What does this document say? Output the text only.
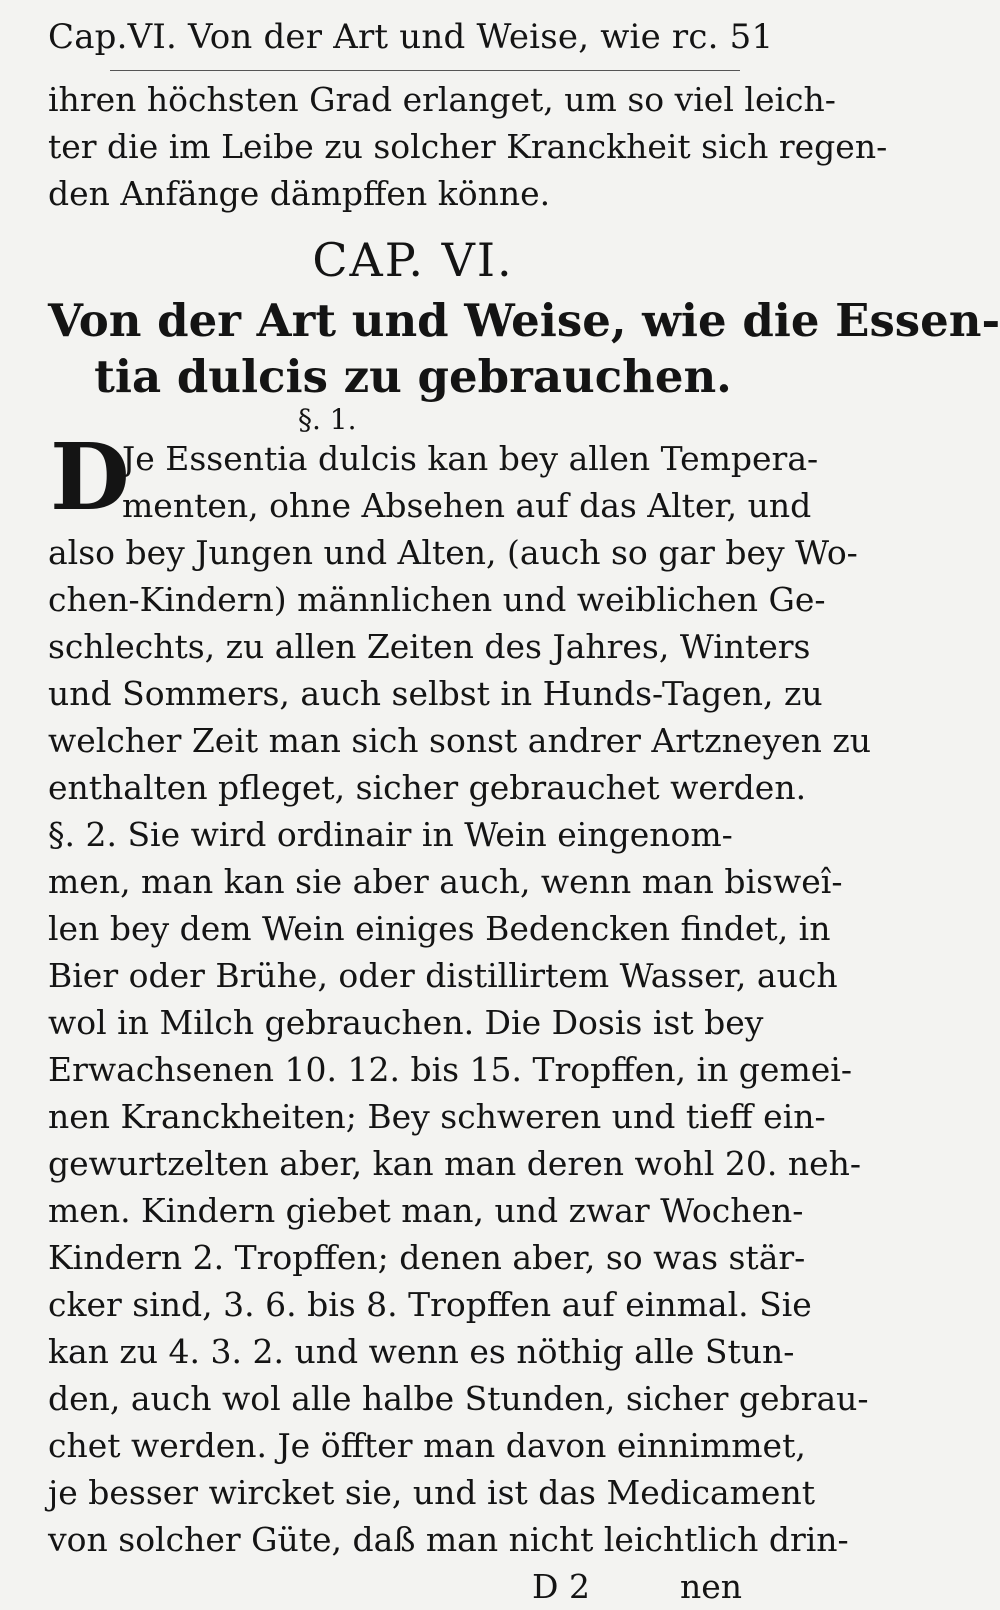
Cap.VI. Von der Art und Weise, wie rc. 51
ihren höchsten Grad erlanget, um so viel leich-
ter die im Leibe zu solcher Kranckheit sich regen-
den Anfänge dämpffen könne.
CAP. VI.
Von der Art und Weise, wie die Essen-
tia dulcis zu gebrauchen.
§. 1.
D
Je Essentia dulcis kan bey allen Tempera-
menten, ohne Absehen auf das Alter, und
also bey Jungen und Alten, (auch so gar bey Wo-
chen-Kindern) männlichen und weiblichen Ge-
schlechts, zu allen Zeiten des Jahres, Winters
und Sommers, auch selbst in Hunds-Tagen, zu
welcher Zeit man sich sonst andrer Artzneyen zu
enthalten pfleget, sicher gebrauchet werden.
§. 2. Sie wird ordinair in Wein eingenom-
men, man kan sie aber auch, wenn man bisweî-
len bey dem Wein einiges Bedencken findet, in
Bier oder Brühe, oder distillirtem Wasser, auch
wol in Milch gebrauchen. Die Dosis ist bey
Erwachsenen 10. 12. bis 15. Tropffen, in gemei-
nen Kranckheiten; Bey schweren und tieff ein-
gewurtzelten aber, kan man deren wohl 20. neh-
men. Kindern giebet man, und zwar Wochen-
Kindern 2. Tropffen; denen aber, so was stär-
cker sind, 3. 6. bis 8. Tropffen auf einmal. Sie
kan zu 4. 3. 2. und wenn es nöthig alle Stun-
den, auch wol alle halbe Stunden, sicher gebrau-
chet werden. Je öffter man davon einnimmet,
je besser wircket sie, und ist das Medicament
von solcher Güte, daß man nicht leichtlich drin-
D 2	nen
